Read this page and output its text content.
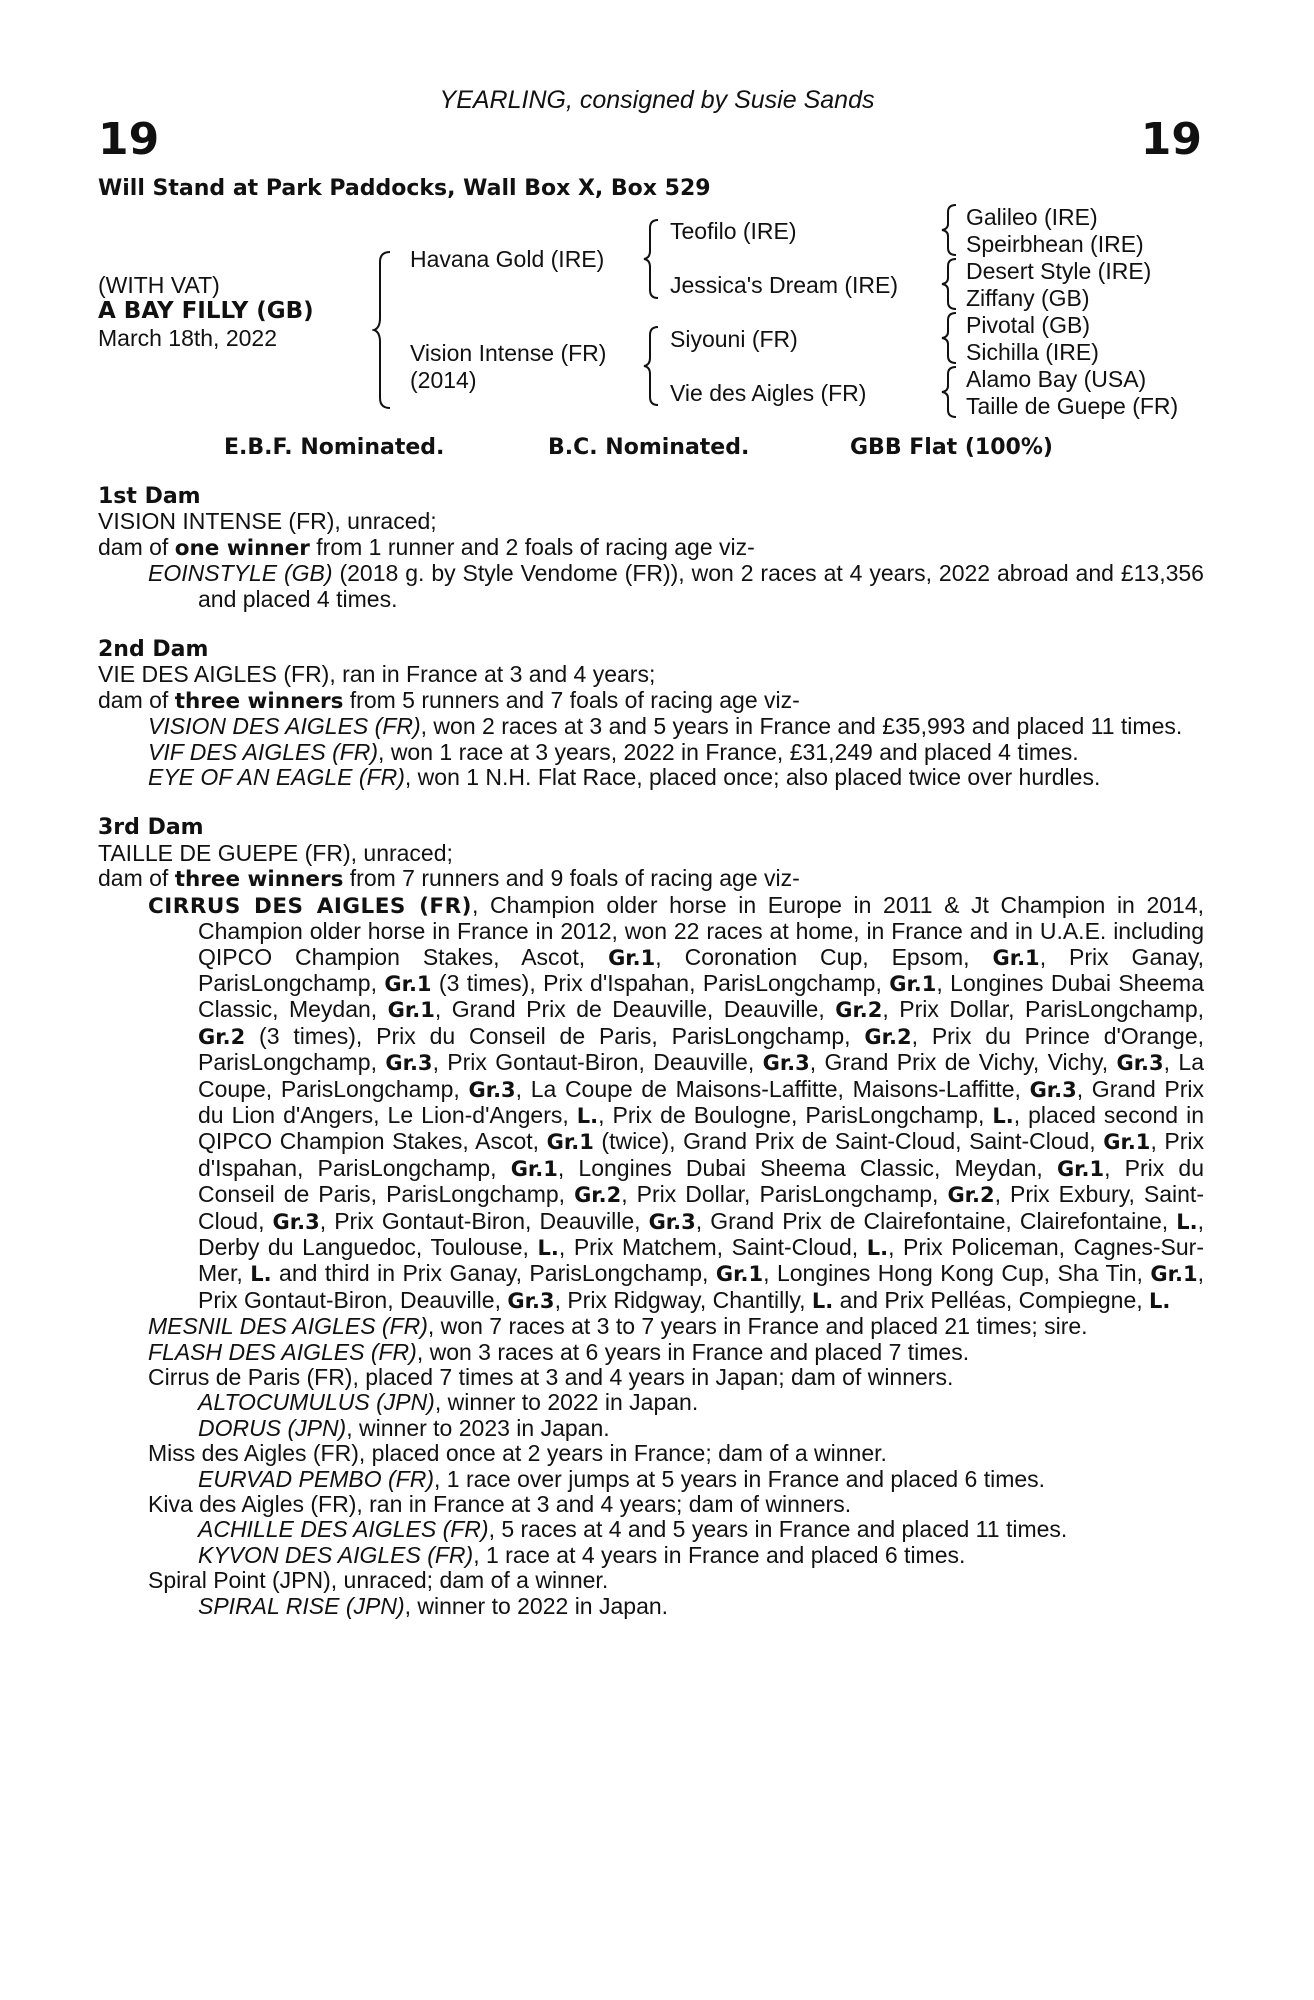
YEARLING, consigned by Susie Sands
19	19
Will Stand at Park Paddocks, Wall Box X, Box 529
(WITH VAT)
A BAY FILLY (GB)
March 18th, 2022
Havana Gold (IRE)
Vision Intense (FR)
(2014)
Teofilo (IRE)
Jessica's Dream (IRE)
Siyouni (FR)
Vie des Aigles (FR)
Galileo (IRE)
Speirbhean (IRE)
Desert Style (IRE)
Ziffany (GB)
Pivotal (GB)
Sichilla (IRE)
Alamo Bay (USA)
Taille de Guepe (FR)
E.B.F. Nominated.	B.C. Nominated.	GBB Flat (100%)
1st Dam
VISION INTENSE (FR), unraced;
dam of one winner from 1 runner and 2 foals of racing age viz-
EOINSTYLE (GB) (2018 g. by Style Vendome (FR)), won 2 races at 4 years, 2022 abroad and £13,356 and placed 4 times.
2nd Dam
VIE DES AIGLES (FR), ran in France at 3 and 4 years;
dam of three winners from 5 runners and 7 foals of racing age viz-
VISION DES AIGLES (FR), won 2 races at 3 and 5 years in France and £35,993 and placed 11 times.
VIF DES AIGLES (FR), won 1 race at 3 years, 2022 in France, £31,249 and placed 4 times.
EYE OF AN EAGLE (FR), won 1 N.H. Flat Race, placed once; also placed twice over hurdles.
3rd Dam
TAILLE DE GUEPE (FR), unraced;
dam of three winners from 7 runners and 9 foals of racing age viz-
CIRRUS DES AIGLES (FR), Champion older horse in Europe in 2011 & Jt Champion in 2014, Champion older horse in France in 2012, won 22 races at home, in France and in U.A.E. including QIPCO Champion Stakes, Ascot, Gr.1, Coronation Cup, Epsom, Gr.1, Prix Ganay, ParisLongchamp, Gr.1 (3 times), Prix d'Ispahan, ParisLongchamp, Gr.1, Longines Dubai Sheema Classic, Meydan, Gr.1, Grand Prix de Deauville, Deauville, Gr.2, Prix Dollar, ParisLongchamp, Gr.2 (3 times), Prix du Conseil de Paris, ParisLongchamp, Gr.2, Prix du Prince d'Orange, ParisLongchamp, Gr.3, Prix Gontaut-Biron, Deauville, Gr.3, Grand Prix de Vichy, Vichy, Gr.3, La Coupe, ParisLongchamp, Gr.3, La Coupe de Maisons-Laffitte, Maisons-Laffitte, Gr.3, Grand Prix du Lion d'Angers, Le Lion-d'Angers, L., Prix de Boulogne, ParisLongchamp, L., placed second in QIPCO Champion Stakes, Ascot, Gr.1 (twice), Grand Prix de Saint-Cloud, Saint-Cloud, Gr.1, Prix d'Ispahan, ParisLongchamp, Gr.1, Longines Dubai Sheema Classic, Meydan, Gr.1, Prix du Conseil de Paris, ParisLongchamp, Gr.2, Prix Dollar, ParisLongchamp, Gr.2, Prix Exbury, Saint-Cloud, Gr.3, Prix Gontaut-Biron, Deauville, Gr.3, Grand Prix de Clairefontaine, Clairefontaine, L., Derby du Languedoc, Toulouse, L., Prix Matchem, Saint-Cloud, L., Prix Policeman, Cagnes-Sur-Mer, L. and third in Prix Ganay, ParisLongchamp, Gr.1, Longines Hong Kong Cup, Sha Tin, Gr.1, Prix Gontaut-Biron, Deauville, Gr.3, Prix Ridgway, Chantilly, L. and Prix Pelléas, Compiegne, L.
MESNIL DES AIGLES (FR), won 7 races at 3 to 7 years in France and placed 21 times; sire.
FLASH DES AIGLES (FR), won 3 races at 6 years in France and placed 7 times.
Cirrus de Paris (FR), placed 7 times at 3 and 4 years in Japan; dam of winners.
ALTOCUMULUS (JPN), winner to 2022 in Japan.
DORUS (JPN), winner to 2023 in Japan.
Miss des Aigles (FR), placed once at 2 years in France; dam of a winner.
EURVAD PEMBO (FR), 1 race over jumps at 5 years in France and placed 6 times.
Kiva des Aigles (FR), ran in France at 3 and 4 years; dam of winners.
ACHILLE DES AIGLES (FR), 5 races at 4 and 5 years in France and placed 11 times.
KYVON DES AIGLES (FR), 1 race at 4 years in France and placed 6 times.
Spiral Point (JPN), unraced; dam of a winner.
SPIRAL RISE (JPN), winner to 2022 in Japan.
